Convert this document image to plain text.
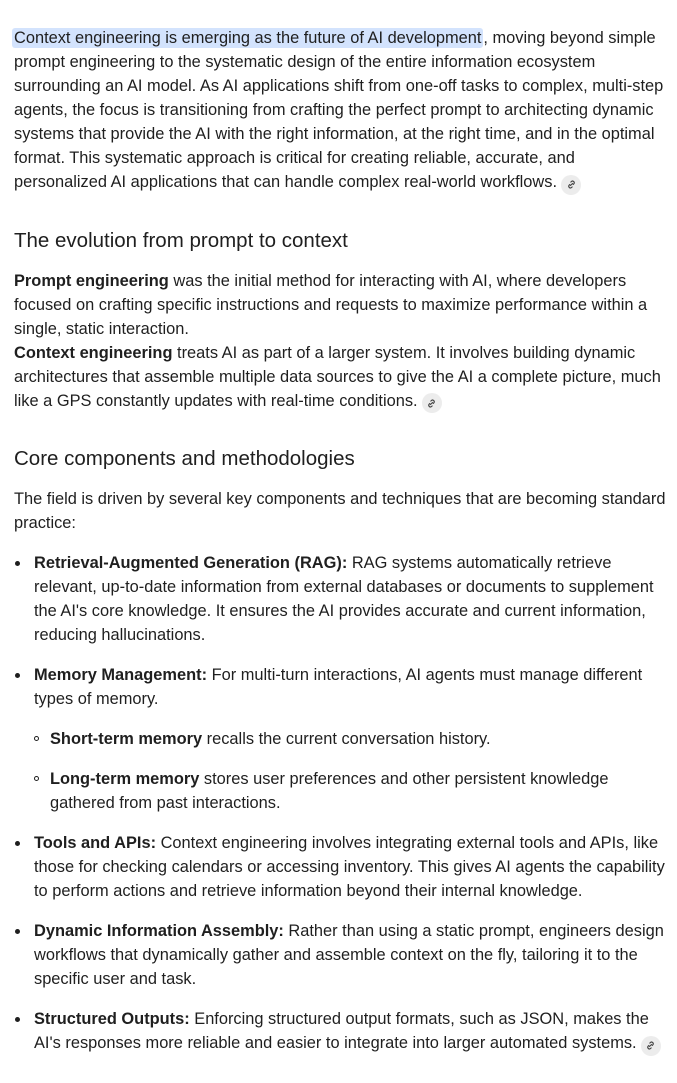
Context engineering is emerging as the future of AI development , moving beyond simple prompt engineering to the systematic design of the entire information ecosystem surrounding an AI model. As AI applications shift from one-off tasks to complex, multi-step agents, the focus is transitioning from crafting the perfect prompt to architecting dynamic systems that provide the AI with the right information, at the right time, and in the optimal format. This systematic approach is critical for creating reliable, accurate, and personalized AI applications that can handle complex real-world workflows.

The evolution from prompt to context

Prompt engineering was the initial method for interacting with AI, where developers focused on crafting specific instructions and requests to maximize performance within a single, static interaction.

Context engineering treats AI as part of a larger system. It involves building dynamic architectures that assemble multiple data sources to give the AI a complete picture, much like a GPS constantly updates with real-time conditions.

Core components and methodologies

The field is driven by several key components and techniques that are becoming standard practice:

Retrieval-Augmented Generation (RAG): RAG systems automatically retrieve relevant, up-to-date information from external databases or documents to supplement the AI's core knowledge. It ensures the AI provides accurate and current information, reducing hallucinations.
Memory Management: For multi-turn interactions, AI agents must manage different types of memory.
Short-term memory recalls the current conversation history.
Long-term memory stores user preferences and other persistent knowledge gathered from past interactions.
Tools and APIs: Context engineering involves integrating external tools and APIs, like those for checking calendars or accessing inventory. This gives AI agents the capability to perform actions and retrieve information beyond their internal knowledge.
Dynamic Information Assembly: Rather than using a static prompt, engineers design workflows that dynamically gather and assemble context on the fly, tailoring it to the specific user and task.
Structured Outputs: Enforcing structured output formats, such as JSON, makes the AI's responses more reliable and easier to integrate into larger automated systems.
